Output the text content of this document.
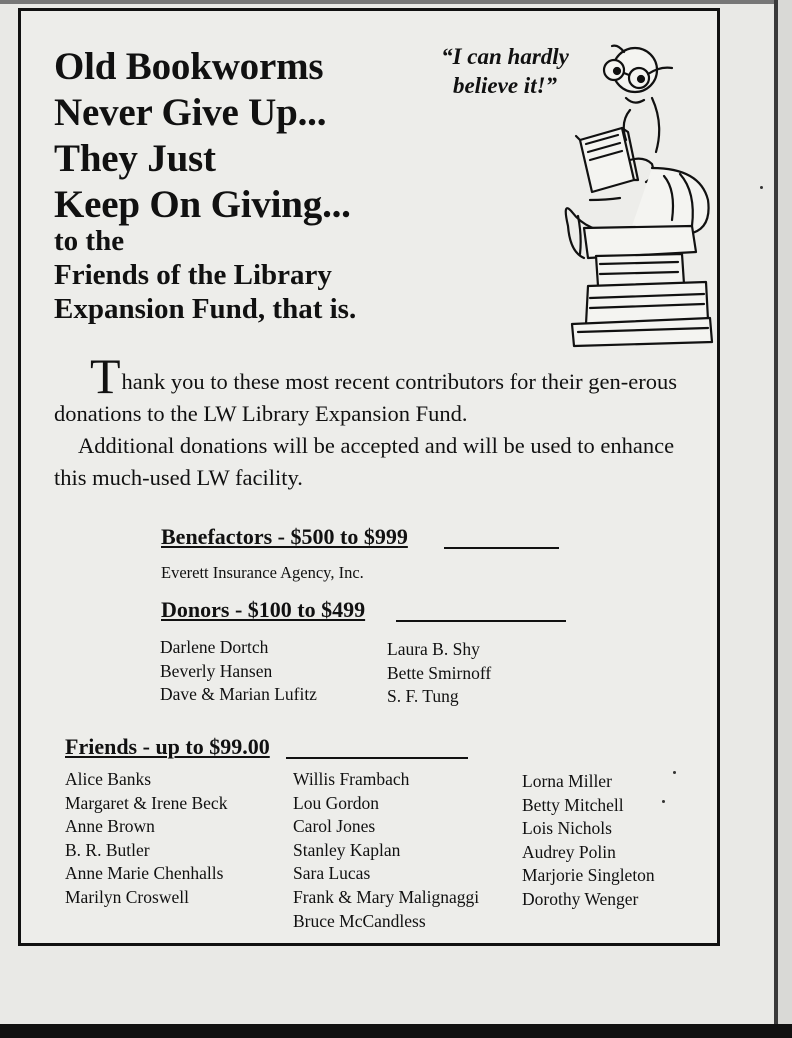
Old Bookworms
Never Give Up...
They Just
Keep On Giving...
to the
Friends of the Library
Expansion Fund, that is.
“I can hardly
believe it!”

Thank you to these most recent contributors for their gen-erous donations to the LW Library Expansion Fund.

Additional donations will be accepted and will be used to enhance this much-used LW facility.

Benefactors - $500 to $999
Everett Insurance Agency, Inc.
Donors - $100 to $499
Darlene Dortch
Beverly Hansen
Dave & Marian Lufitz
Laura B. Shy
Bette Smirnoff
S. F. Tung
Friends - up to $99.00
Alice Banks
Margaret & Irene Beck
Anne Brown
B. R. Butler
Anne Marie Chenhalls
Marilyn Croswell
Willis Frambach
Lou Gordon
Carol Jones
Stanley Kaplan
Sara Lucas
Frank & Mary Malignaggi
Bruce McCandless
Lorna Miller
Betty Mitchell
Lois Nichols
Audrey Polin
Marjorie Singleton
Dorothy Wenger
